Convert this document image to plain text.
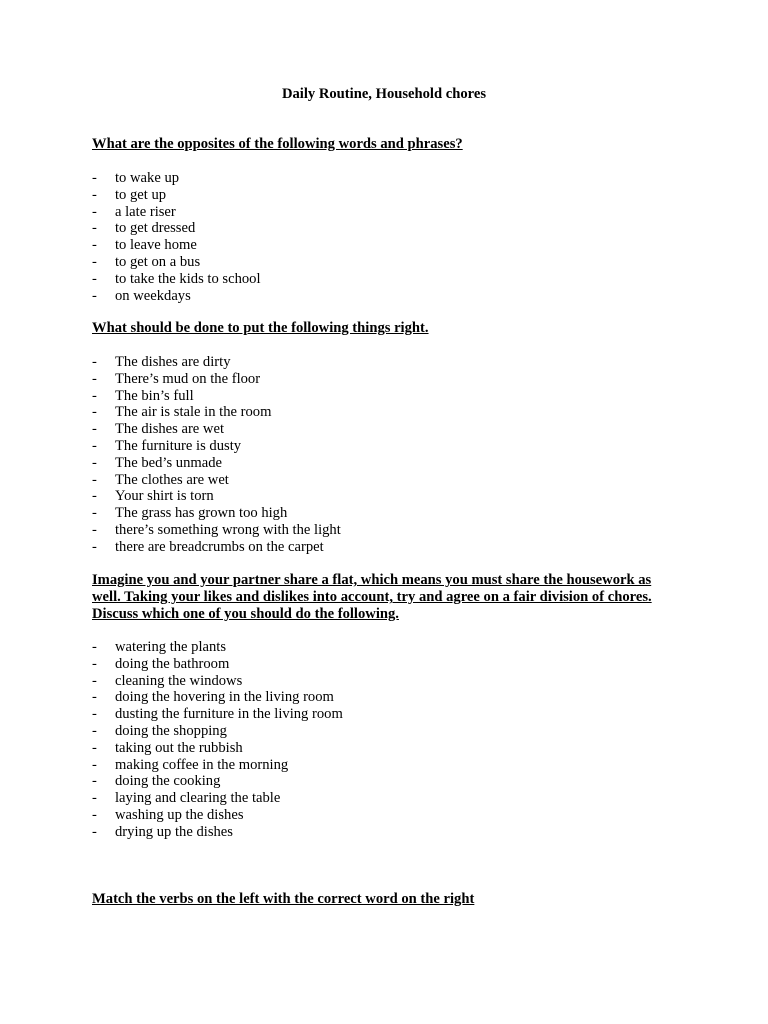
Daily Routine, Household chores

What are the opposites of the following words and phrases?

- to wake up
- to get up
- a late riser
- to get dressed
- to leave home
- to get on a bus
- to take the kids to school
- on weekdays

What should be done to put the following things right.

- The dishes are dirty
- There’s mud on the floor
- The bin’s full
- The air is stale in the room
- The dishes are wet
- The furniture is dusty
- The bed’s unmade
- The clothes are wet
- Your shirt is torn
- The grass has grown too high
- there’s something wrong with the light
- there are breadcrumbs on the carpet

Imagine you and your partner share a flat, which means you must share the housework as well. Taking your likes and dislikes into account, try and agree on a fair division of chores. Discuss which one of you should do the following.

- watering the plants
- doing the bathroom
- cleaning the windows
- doing the hovering in the living room
- dusting the furniture in the living room
- doing the shopping
- taking out the rubbish
- making coffee in the morning
- doing the cooking
- laying and clearing the table
- washing up the dishes
- drying up the dishes

Match the verbs on the left with the correct word on the right
